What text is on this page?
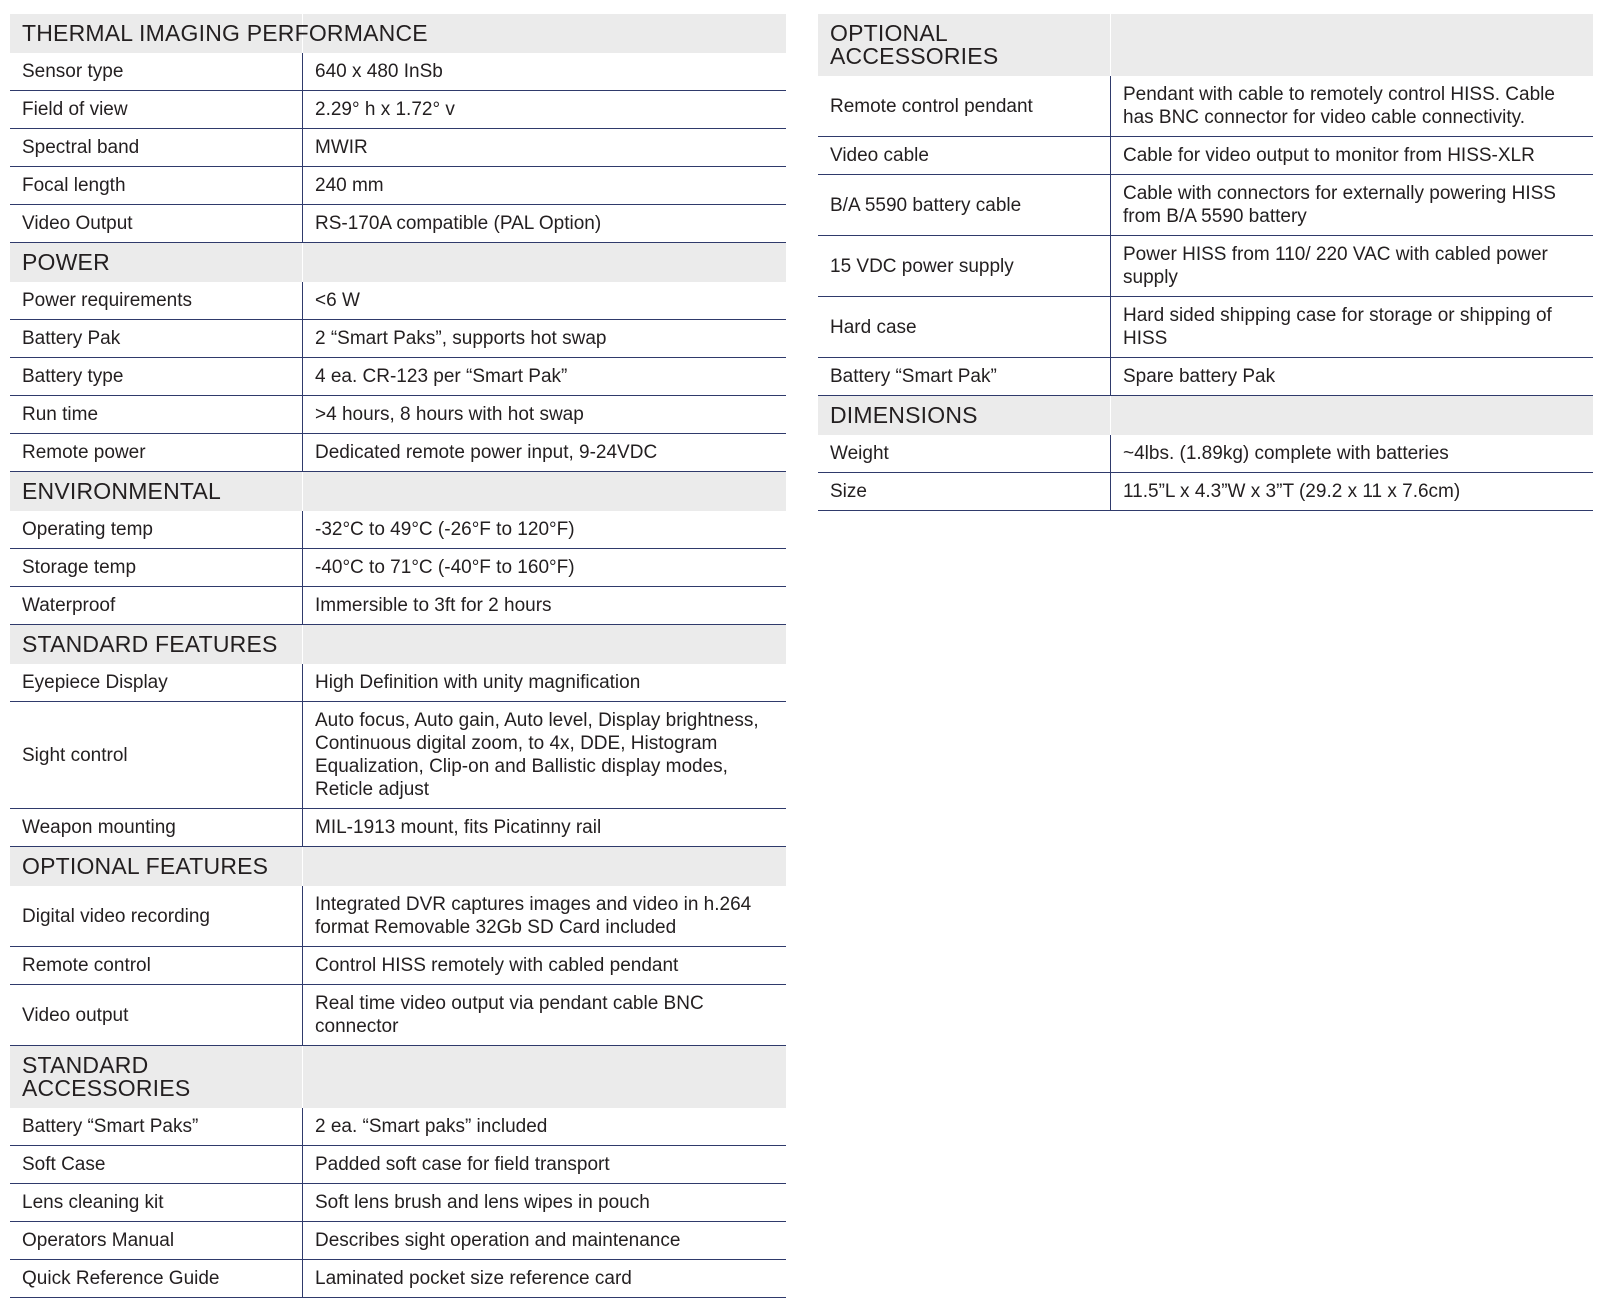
THERMAL IMAGING PERFORMANCE	
Sensor type	640 x 480 InSb
Field of view	2.29° h x 1.72° v
Spectral band	MWIR
Focal length	240 mm
Video Output	RS-170A compatible (PAL Option)
POWER	
Power requirements	<6 W
Battery Pak	2 “Smart Paks”, supports hot swap
Battery type	4 ea. CR-123 per “Smart Pak”
Run time	>4 hours, 8 hours with hot swap
Remote power	Dedicated remote power input, 9-24VDC
ENVIRONMENTAL	
Operating temp	-32°C to 49°C (-26°F to 120°F)
Storage temp	-40°C to 71°C (-40°F to 160°F)
Waterproof	Immersible to 3ft for 2 hours
STANDARD FEATURES	
Eyepiece Display	High Definition with unity magnification
Sight control	Auto focus, Auto gain, Auto level, Display brightness, Continuous digital zoom, to 4x, DDE, Histogram Equalization, Clip-on and Ballistic display modes, Reticle adjust
Weapon mounting	MIL-1913 mount, fits Picatinny rail
OPTIONAL FEATURES	
Digital video recording	Integrated DVR captures images and video in h.264 format Removable 32Gb SD Card included
Remote control	Control HISS remotely with cabled pendant
Video output	Real time video output via pendant cable BNC connector
STANDARD ACCESSORIES	
Battery “Smart Paks”	2 ea. “Smart paks” included
Soft Case	Padded soft case for field transport
Lens cleaning kit	Soft lens brush and lens wipes in pouch
Operators Manual	Describes sight operation and maintenance
Quick Reference Guide	Laminated pocket size reference card
OPTIONAL ACCESSORIES	
Remote control pendant	Pendant with cable to remotely control HISS. Cable has BNC connector for video cable connectivity.
Video cable	Cable for video output to monitor from HISS-XLR
B/A 5590 battery cable	Cable with connectors for externally powering HISS from B/A 5590 battery
15 VDC power supply	Power HISS from 110/ 220 VAC with cabled power supply
Hard case	Hard sided shipping case for storage or shipping of HISS
Battery “Smart Pak”	Spare battery Pak
DIMENSIONS	
Weight	~4lbs. (1.89kg) complete with batteries
Size	11.5”L x 4.3”W x 3”T (29.2 x 11 x 7.6cm)
